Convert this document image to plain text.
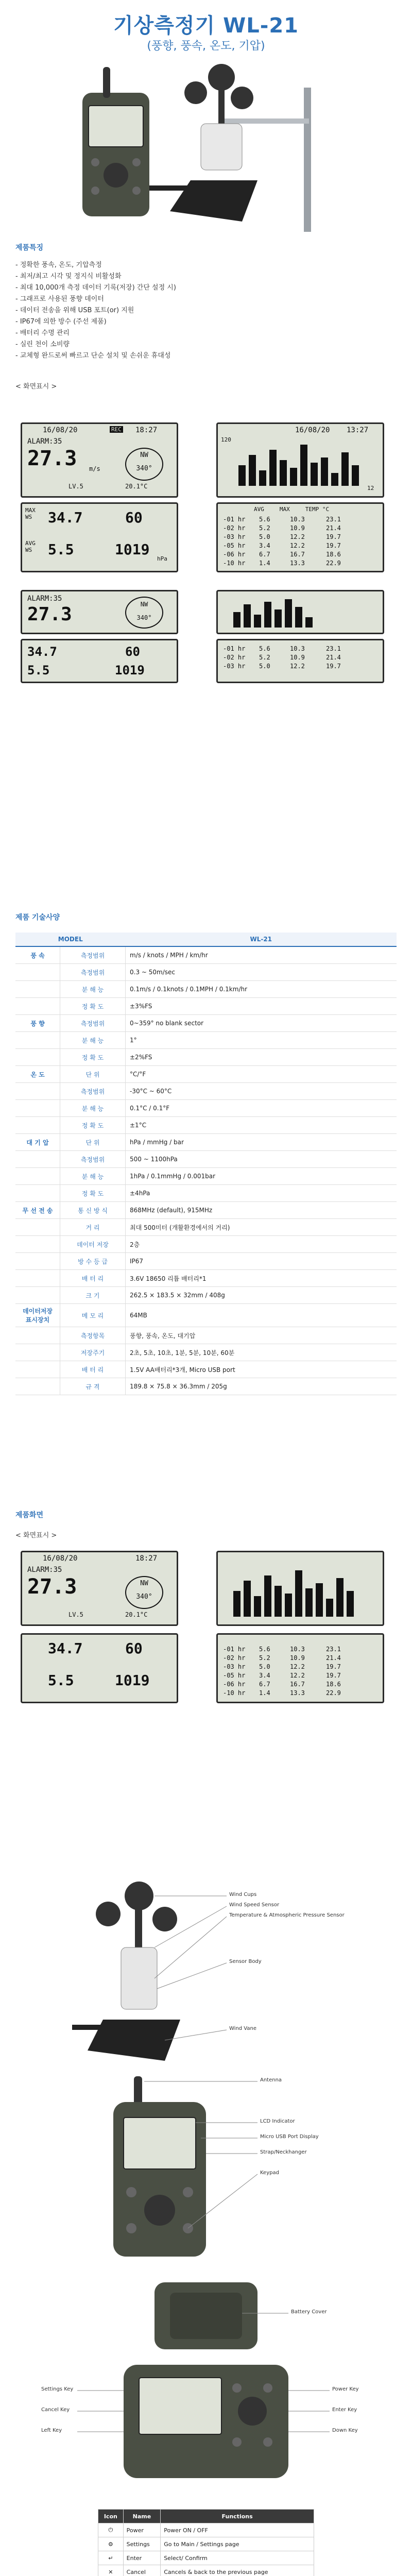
기상측정기 WL-21
(풍향, 풍속, 온도, 기압)
제품특징
- 정확한 풍속, 온도, 기압측정
- 최저/최고 시각 및 정지식 비활성화
- 최대 10,000개 측정 데이터 기록(저장) 간단 설정 시)
- 그래프로 사용된 풍향 데이터
- 데이터 전송을 위해 USB 포트(or) 지원
- IP67에 의한 방수 (주선 제품)
- 배터리 수명 관리
- 실린 천이 소비량
- 교체형 완드로써 빠르고 단순 설치 및 손쉬운 휴대성
< 화면표시 >
16/08/20	REC 18:27
ALARM:35
27.3 m/s
NW
340°
LV.5	20.1°C
16/08/20 13:27
120
12
MAX
WS 34.7
AVG
WS 5.5
60
1019
hPa
AVG	MAX	TEMP °C
-01 hr 5.6	10.3	23.1
-02 hr 5.2	10.9	21.4
-03 hr 5.0	12.2	19.7
-05 hr 3.4	12.2	19.7
-06 hr 6.7	16.7	18.6
-10 hr 1.4	13.3	22.9
ALARM:35
27.3	NW
340°
34.7
5.5
60
1019
-01 hr 5.6	10.3	23.1
-02 hr 5.2	10.9	21.4
-03 hr 5.0	12.2	19.7
제품 기술사양
MODEL		WL-21
풍 속	측정범위	m/s / knots / MPH / km/hr
	측정범위	0.3 ~ 50m/sec
	분 해 능	0.1m/s / 0.1knots / 0.1MPH / 0.1km/hr
	정 확 도	±3%FS
풍 향	측정범위	0~359° no blank sector
	분 해 능	1°
	정 확 도	±2%FS
온 도	단 위	°C/°F
	측정범위	-30°C ~ 60°C
	분 해 능	0.1°C / 0.1°F
	정 확 도	±1°C
대 기 압	단 위	hPa / mmHg / bar
	측정범위	500 ~ 1100hPa
	분 해 능	1hPa / 0.1mmHg / 0.001bar
	정 확 도	±4hPa
무 선 전 송	통 신 방 식	868MHz (default), 915MHz
	거 리	최대 500미터 (개활환경에서의 거리)
	데이터 저장	2층
	방 수 등 급	IP67
	배 터 리	3.6V 18650 리튬 배터리*1
	크 기	262.5 × 183.5 × 32mm / 408g
데이터저장 표시장치	메 모 리	64MB
	측정항목	풍향, 풍속, 온도, 대기압
	저장주기	2초, 5초, 10초, 1분, 5분, 10분, 60분
	배 터 리	1.5V AA배터리*3개, Micro USB port
	규 격	189.8 × 75.8 × 36.3mm / 205g
제품화면
< 화면표시 >
16/08/20	18:27
ALARM:35
27.3	NW
340°
LV.5	20.1°C
34.7
5.5
60
1019
-01 hr 5.6	10.3	23.1
-02 hr 5.2	10.9	21.4
-03 hr 5.0	12.2	19.7
-05 hr 3.4	12.2	19.7
-06 hr 6.7	16.7	18.6
-10 hr 1.4	13.3	22.9
Wind Cups
Wind Speed Sensor
Temperature & Atmospheric Pressure Sensor
Sensor Body
Wind Vane
Antenna
LCD Indicator
Micro USB Port Display
Strap/Neckhanger
Keypad
Battery Cover
Settings Key
Cancel Key
Left Key
Power Key
Enter Key
Down Key
Icon	Name	Functions
⏻	Power	Power ON / OFF
⚙	Settings	Go to Main / Settings page
↵	Enter	Select/ Confirm
✕	Cancel	Cancels & back to the previous page
